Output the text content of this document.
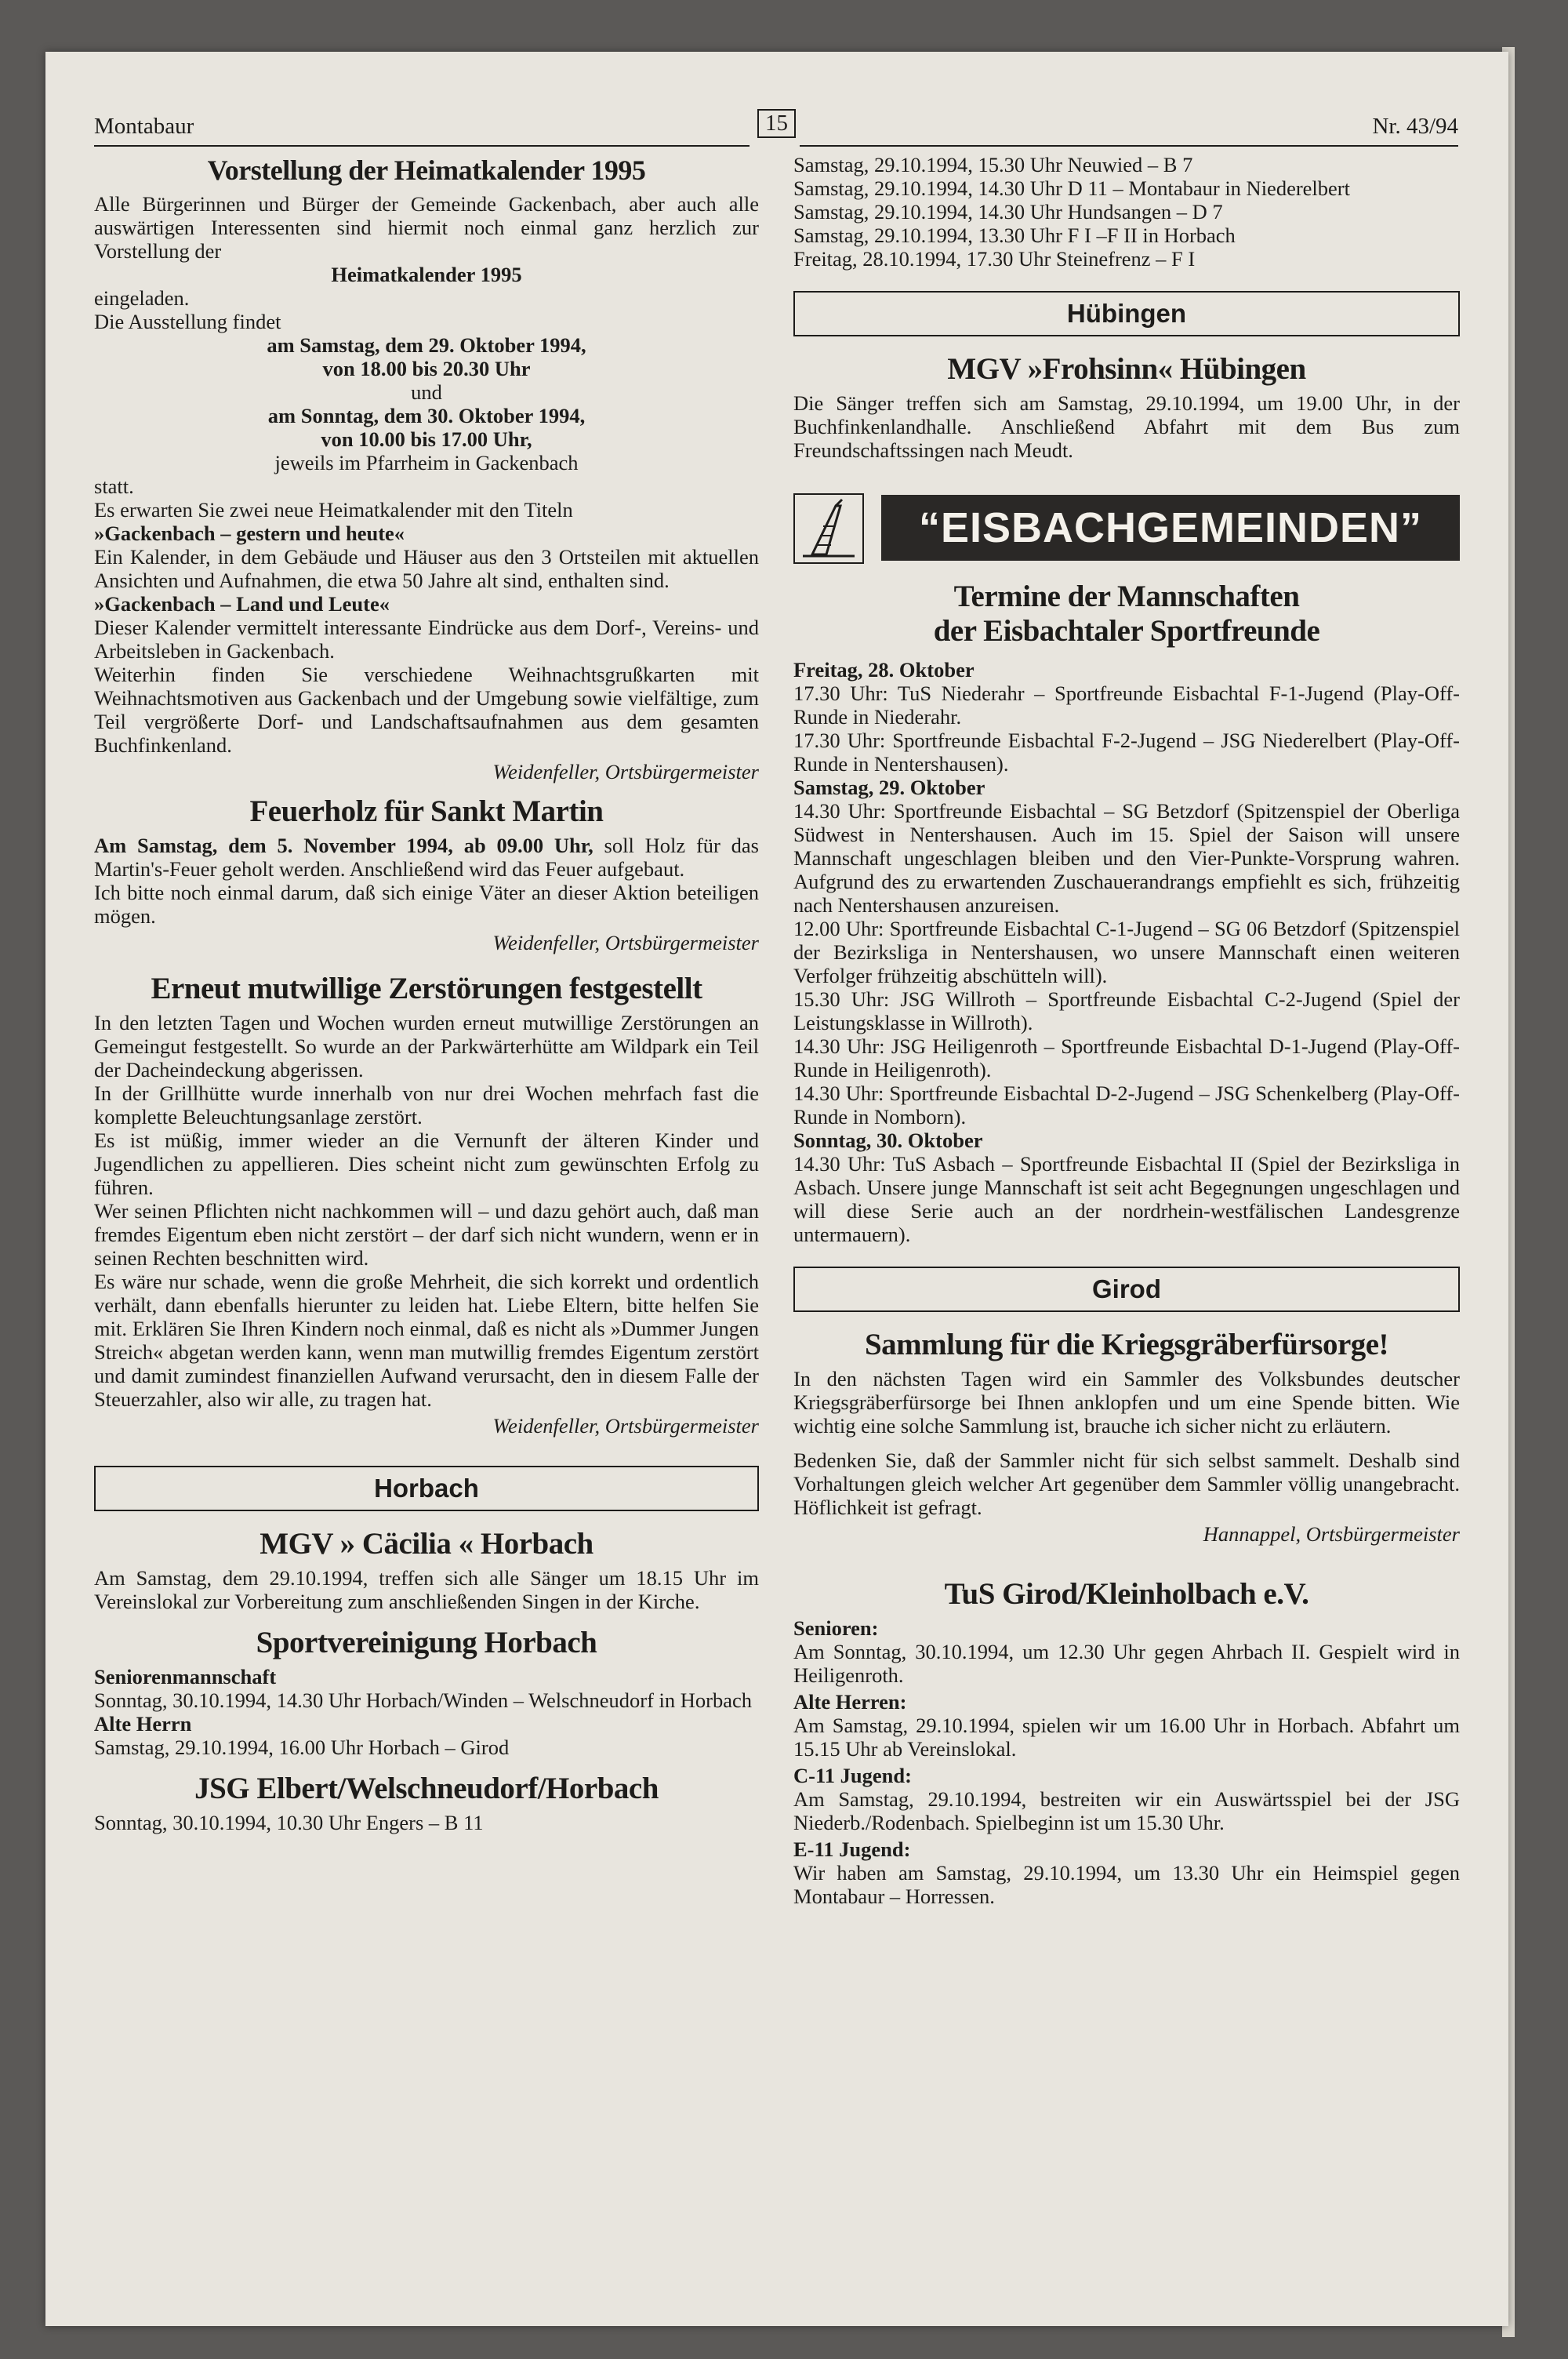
Montabaur	15	Nr. 43/94
Vorstellung der Heimatkalender 1995

Alle Bürgerinnen und Bürger der Gemeinde Gackenbach, aber auch alle auswärtigen Interessenten sind hiermit noch einmal ganz herzlich zur Vorstellung der

Heimatkalender 1995

eingeladen.

Die Ausstellung findet

am Samstag, dem 29. Oktober 1994,

von 18.00 bis 20.30 Uhr

und

am Sonntag, dem 30. Oktober 1994,

von 10.00 bis 17.00 Uhr,

jeweils im Pfarrheim in Gackenbach

statt.

Es erwarten Sie zwei neue Heimatkalender mit den Titeln

»Gackenbach – gestern und heute«

Ein Kalender, in dem Gebäude und Häuser aus den 3 Ortsteilen mit aktuellen Ansichten und Aufnahmen, die etwa 50 Jahre alt sind, enthalten sind.

»Gackenbach – Land und Leute«

Dieser Kalender vermittelt interessante Eindrücke aus dem Dorf-, Vereins- und Arbeitsleben in Gackenbach.

Weiterhin finden Sie verschiedene Weihnachtsgrußkarten mit Weihnachtsmotiven aus Gackenbach und der Umgebung sowie vielfältige, zum Teil vergrößerte Dorf- und Landschaftsaufnahmen aus dem gesamten Buchfinkenland.

Weidenfeller, Ortsbürgermeister

Feuerholz für Sankt Martin

Am Samstag, dem 5. November 1994, ab 09.00 Uhr, soll Holz für das Martin's-Feuer geholt werden. Anschließend wird das Feuer aufgebaut.

Ich bitte noch einmal darum, daß sich einige Väter an dieser Aktion beteiligen mögen.

Weidenfeller, Ortsbürgermeister

Erneut mutwillige Zerstörungen festgestellt

In den letzten Tagen und Wochen wurden erneut mutwillige Zerstörungen an Gemeingut festgestellt. So wurde an der Parkwärterhütte am Wildpark ein Teil der Dacheindeckung abgerissen.

In der Grillhütte wurde innerhalb von nur drei Wochen mehrfach fast die komplette Beleuchtungsanlage zerstört.

Es ist müßig, immer wieder an die Vernunft der älteren Kinder und Jugendlichen zu appellieren. Dies scheint nicht zum gewünschten Erfolg zu führen.

Wer seinen Pflichten nicht nachkommen will – und dazu gehört auch, daß man fremdes Eigentum eben nicht zerstört – der darf sich nicht wundern, wenn er in seinen Rechten beschnitten wird.

Es wäre nur schade, wenn die große Mehrheit, die sich korrekt und ordentlich verhält, dann ebenfalls hierunter zu leiden hat. Liebe Eltern, bitte helfen Sie mit. Erklären Sie Ihren Kindern noch einmal, daß es nicht als »Dummer Jungen Streich« abgetan werden kann, wenn man mutwillig fremdes Eigentum zerstört und damit zumindest finanziellen Aufwand verursacht, den in diesem Falle der Steuerzahler, also wir alle, zu tragen hat.

Weidenfeller, Ortsbürgermeister

Horbach
MGV » Cäcilia « Horbach

Am Samstag, dem 29.10.1994, treffen sich alle Sänger um 18.15 Uhr im Vereinslokal zur Vorbereitung zum anschließenden Singen in der Kirche.

Sportvereinigung Horbach

Seniorenmannschaft

Sonntag, 30.10.1994, 14.30 Uhr Horbach/Winden – Welschneudorf in Horbach

Alte Herrn

Samstag, 29.10.1994, 16.00 Uhr Horbach – Girod

JSG Elbert/Welschneudorf/Horbach

Sonntag, 30.10.1994, 10.30 Uhr Engers – B 11

Samstag, 29.10.1994, 15.30 Uhr Neuwied – B 7

Samstag, 29.10.1994, 14.30 Uhr D 11 – Montabaur in Niederelbert

Samstag, 29.10.1994, 14.30 Uhr Hundsangen – D 7

Samstag, 29.10.1994, 13.30 Uhr F I –F II in Horbach

Freitag, 28.10.1994, 17.30 Uhr Steinefrenz – F I

Hübingen
MGV »Frohsinn« Hübingen

Die Sänger treffen sich am Samstag, 29.10.1994, um 19.00 Uhr, in der Buchfinkenlandhalle. Anschließend Abfahrt mit dem Bus zum Freundschaftssingen nach Meudt.

“EISBACHGEMEINDEN”
Termine der Mannschaften
der Eisbachtaler Sportfreunde

Freitag, 28. Oktober

17.30 Uhr: TuS Niederahr – Sportfreunde Eisbachtal F-1-Jugend (Play-Off-Runde in Niederahr.

17.30 Uhr: Sportfreunde Eisbachtal F-2-Jugend – JSG Niederelbert (Play-Off-Runde in Nentershausen).

Samstag, 29. Oktober

14.30 Uhr: Sportfreunde Eisbachtal – SG Betzdorf (Spitzenspiel der Oberliga Südwest in Nentershausen. Auch im 15. Spiel der Saison will unsere Mannschaft ungeschlagen bleiben und den Vier-Punkte-Vorsprung wahren. Aufgrund des zu erwartenden Zuschauerandrangs empfiehlt es sich, frühzeitig nach Nentershausen anzureisen.

12.00 Uhr: Sportfreunde Eisbachtal C-1-Jugend – SG 06 Betzdorf (Spitzenspiel der Bezirksliga in Nentershausen, wo unsere Mannschaft einen weiteren Verfolger frühzeitig abschütteln will).

15.30 Uhr: JSG Willroth – Sportfreunde Eisbachtal C-2-Jugend (Spiel der Leistungsklasse in Willroth).

14.30 Uhr: JSG Heiligenroth – Sportfreunde Eisbachtal D-1-Jugend (Play-Off-Runde in Heiligenroth).

14.30 Uhr: Sportfreunde Eisbachtal D-2-Jugend – JSG Schenkelberg (Play-Off-Runde in Nomborn).

Sonntag, 30. Oktober

14.30 Uhr: TuS Asbach – Sportfreunde Eisbachtal II (Spiel der Bezirksliga in Asbach. Unsere junge Mannschaft ist seit acht Begegnungen ungeschlagen und will diese Serie auch an der nordrhein-westfälischen Landesgrenze untermauern).

Girod
Sammlung für die Kriegsgräberfürsorge!

In den nächsten Tagen wird ein Sammler des Volksbundes deutscher Kriegsgräberfürsorge bei Ihnen anklopfen und um eine Spende bitten. Wie wichtig eine solche Sammlung ist, brauche ich sicher nicht zu erläutern.

Bedenken Sie, daß der Sammler nicht für sich selbst sammelt. Deshalb sind Vorhaltungen gleich welcher Art gegenüber dem Sammler völlig unangebracht. Höflichkeit ist gefragt.

Hannappel, Ortsbürgermeister

TuS Girod/Kleinholbach e.V.

Senioren:

Am Sonntag, 30.10.1994, um 12.30 Uhr gegen Ahrbach II. Gespielt wird in Heiligenroth.

Alte Herren:

Am Samstag, 29.10.1994, spielen wir um 16.00 Uhr in Horbach. Abfahrt um 15.15 Uhr ab Vereinslokal.

C-11 Jugend:

Am Samstag, 29.10.1994, bestreiten wir ein Auswärtsspiel bei der JSG Niederb./Rodenbach. Spielbeginn ist um 15.30 Uhr.

E-11 Jugend:

Wir haben am Samstag, 29.10.1994, um 13.30 Uhr ein Heimspiel gegen Montabaur – Horressen.
